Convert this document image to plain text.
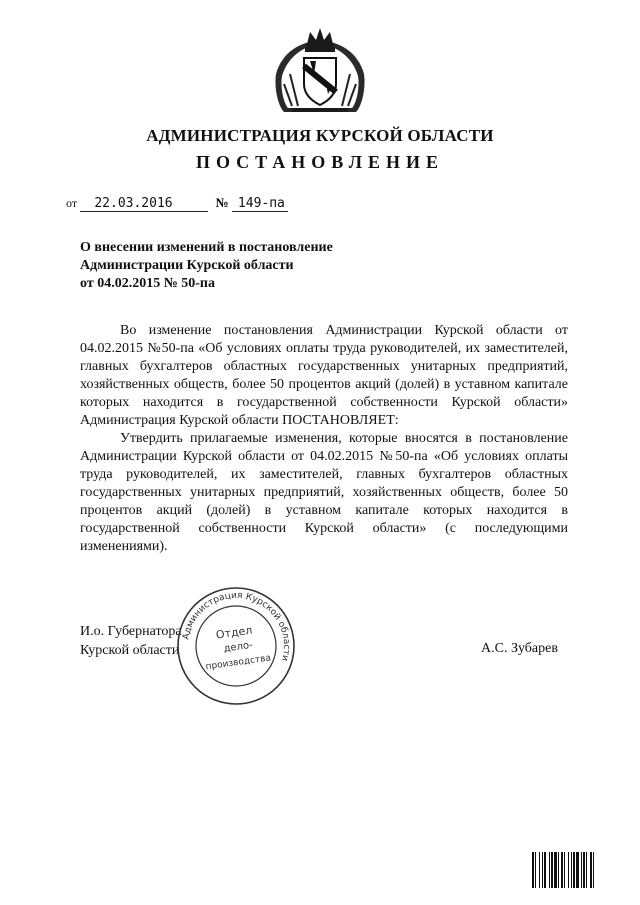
АДМИНИСТРАЦИЯ КУРСКОЙ ОБЛАСТИ
ПОСТАНОВЛЕНИЕ
от 22.03.2016	№ 149-па
О внесении изменений в постановление
Администрации Курской области
от 04.02.2015 № 50-па

Во изменение постановления Администрации Курской области от 04.02.2015 №50-па «Об условиях оплаты труда руководителей, их заместителей, главных бухгалтеров областных государственных унитарных предприятий, хозяйственных обществ, более 50 процентов акций (долей) в уставном капитале которых находится в государственной собственности Курской области» Администрация Курской области ПОСТАНОВЛЯЕТ:

Утвердить прилагаемые изменения, которые вносятся в постановление Администрации Курской области от 04.02.2015 №50-па «Об условиях оплаты труда руководителей, их заместителей, главных бухгалтеров областных государственных унитарных предприятий, хозяйственных обществ, более 50 процентов акций (долей) в уставном капитале которых находится в государственной собственности Курской области» (с последующими изменениями).

И.о. Губернатора
Курской области	А.С. Зубарев
Администрация Курской области
Отдел
дело-
производства
